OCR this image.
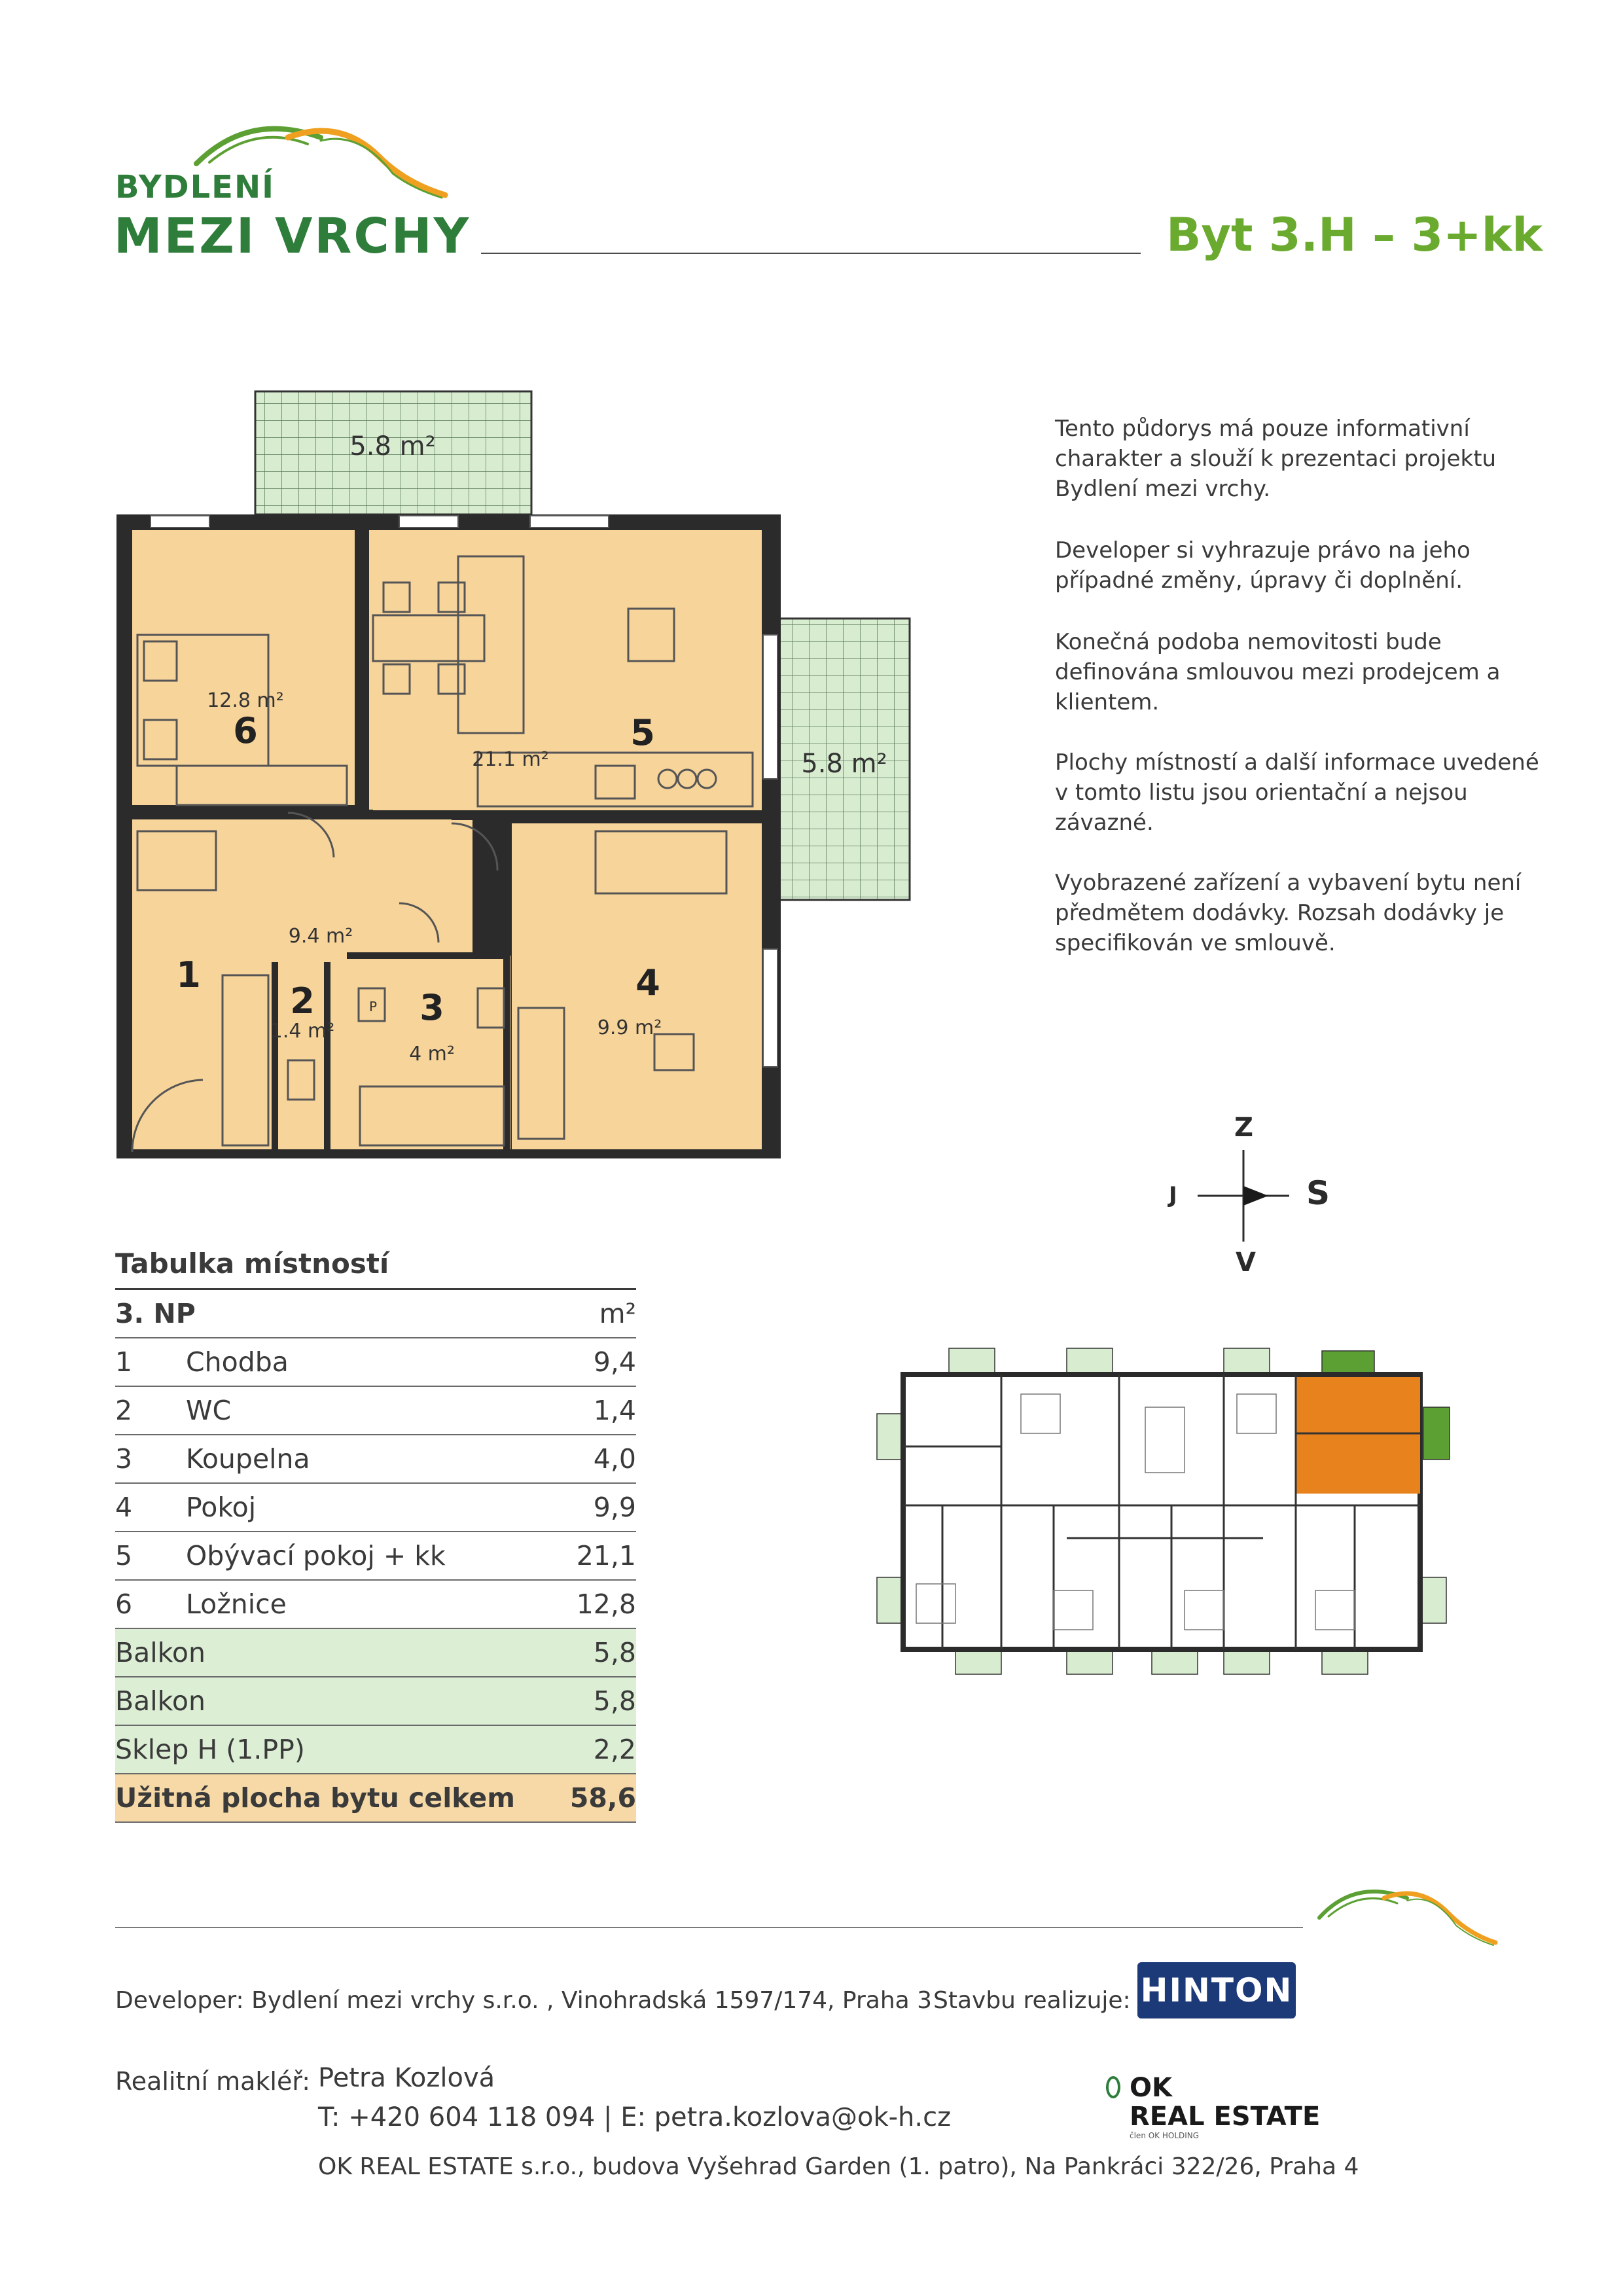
BYDLENÍ
MEZI VRCHY	Byt 3.H – 3+kk
5.8 m²
5.8 m²
12.8 m²
6
21.1 m²
5
9.4 m²
1
2
1.4 m²
3
4 m²
P
4
9.9 m²
Tento půdorys má pouze informativní charakter a slouží k prezentaci projektu Bydlení mezi vrchy.
Developer si vyhrazuje právo na jeho případné změny, úpravy či doplnění.
Konečná podoba nemovitosti bude definována smlouvou mezi prodejcem a klientem.
Plochy místností a další informace uvedené v tomto listu jsou orientační a nejsou závazné.
Vyobrazené zařízení a vybavení bytu není předmětem dodávky. Rozsah dodávky je specifikován ve smlouvě.
Z
V
J	S
Tabulka místností
3. NP	m²
1 Chodba	9,4
2 WC	1,4
3 Koupelna	4,0
4 Pokoj	9,9
5 Obývací pokoj + kk	21,1
6 Ložnice	12,8
Balkon	5,8
Balkon	5,8
Sklep H (1.PP)	2,2
Užitná plocha bytu celkem 58,6
Developer: Bydlení mezi vrchy s.r.o. , Vinohradská 1597/174, Praha 3 Stavbu realizuje: HINTON
Realitní makléř: Petra Kozlová
T: +420 604 118 094 | E: petra.kozlova@ok-h.cz
OK
REAL ESTATE
člen OK HOLDING
OK REAL ESTATE s.r.o., budova Vyšehrad Garden (1. patro), Na Pankráci 322/26, Praha 4
